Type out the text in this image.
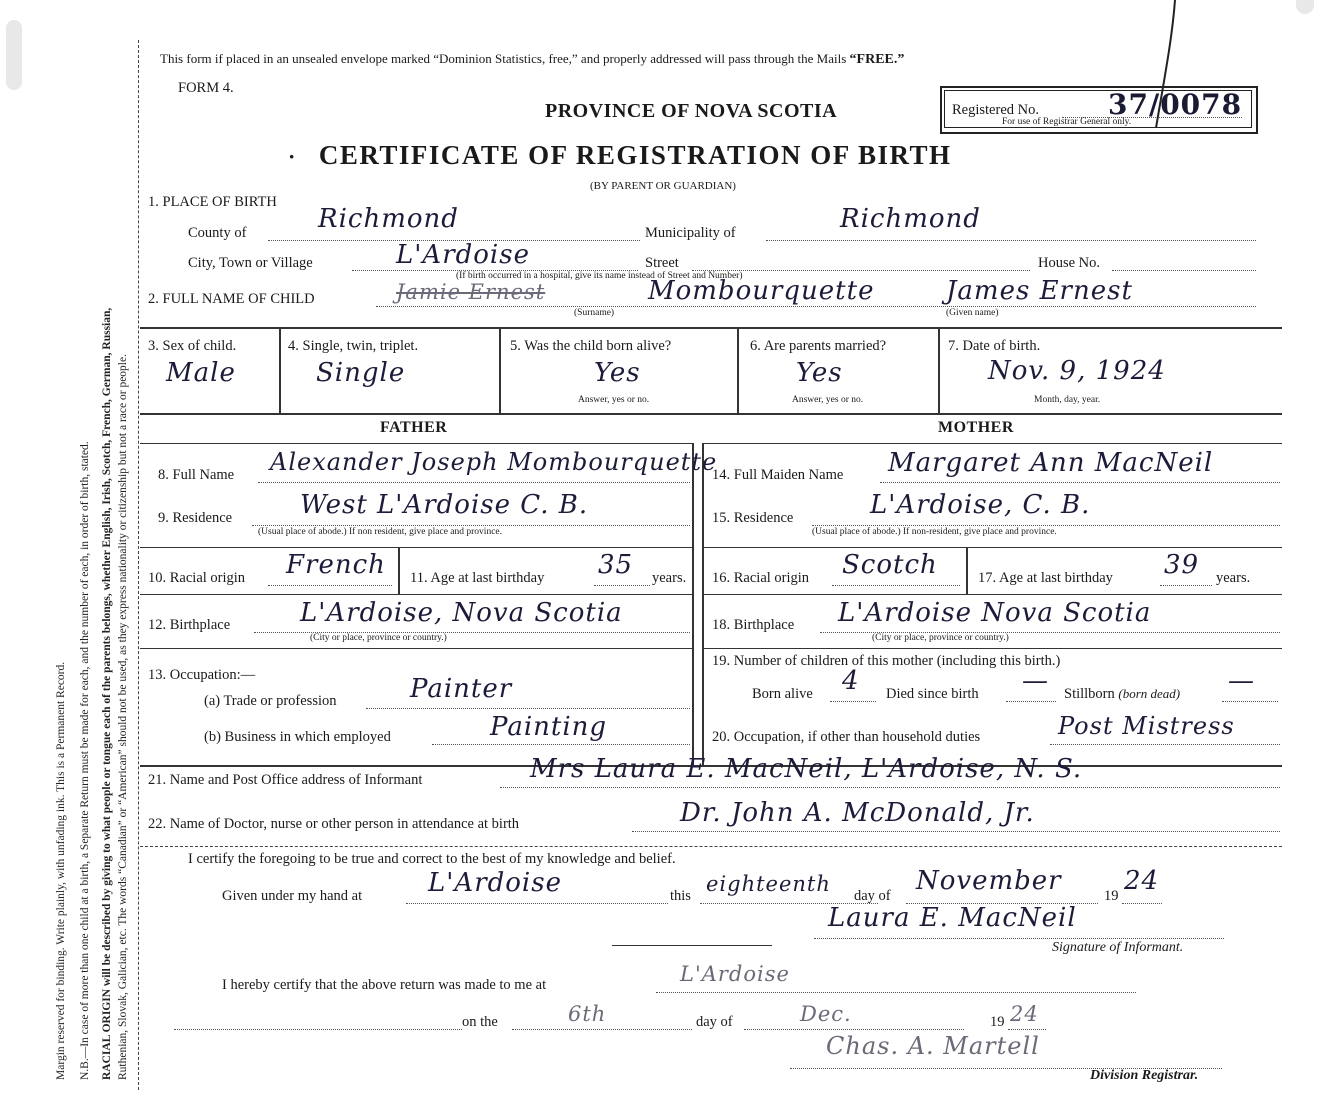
Margin reserved for binding. Write plainly, with unfading ink. This is a Permanent Record. N.B.—In case of more than one child at a birth, a Separate Return must be made for each, and the number of each, in order of birth, stated. RACIAL ORIGIN will be described by giving to what people or tongue each of the parents belongs, whether English, Irish, Scotch, French, German, Russian, Ruthenian, Slovak, Galician, etc. The words “Canadian” or “American” should not be used, as they express nationality or citizenship but not a race or people.
This form if placed in an unsealed envelope marked “Dominion Statistics, free,” and properly addressed will pass through the Mails “FREE.”
FORM 4.
PROVINCE OF NOVA SCOTIA
· CERTIFICATE OF REGISTRATION OF BIRTH
(BY PARENT OR GUARDIAN)
Registered No. 37/0078
For use of Registrar General only.
1. PLACE OF BIRTH
County of	Richmond	Municipality of	Richmond
City, Town or Village	L'Ardoise	Street	House No.
(If birth occurred in a hospital, give its name instead of Street and Number)
2. FULL NAME OF CHILD	Jamie Ernest	Mombourquette	James Ernest
(Surname)	(Given name)
3. Sex of child.
Male
4. Single, twin, triplet.
Single
5. Was the child born alive?
Yes
Answer, yes or no.
6. Are parents married?
Yes
Answer, yes or no.
7. Date of birth.
Nov. 9, 1924
Month, day, year.
FATHER	MOTHER
8. Full Name Alexander Joseph Mombourquette
9. Residence	West L'Ardoise C. B.
(Usual place of abode.) If non resident, give place and province.
10. Racial origin French 11. Age at last birthday 35 years.
12. Birthplace	L'Ardoise, Nova Scotia
(City or place, province or country.)
13. Occupation:—
(a) Trade or profession	Painter
(b) Business in which employed	Painting
14. Full Maiden Name Margaret Ann MacNeil
15. Residence	L'Ardoise, C. B.
(Usual place of abode.) If non-resident, give place and province.
16. Racial origin Scotch	17. Age at last birthday 39 years.
18. Birthplace L'Ardoise Nova Scotia
(City or place, province or country.)
19. Number of children of this mother (including this birth.)
Born alive 4 Died since birth — Stillborn (born dead) —
20. Occupation, if other than household duties	Post Mistress
21. Name and Post Office address of Informant	Mrs Laura E. MacNeil, L'Ardoise, N. S.
22. Name of Doctor, nurse or other person in attendance at birth	Dr. John A. McDonald, Jr.
I certify the foregoing to be true and correct to the best of my knowledge and belief.
Given under my hand at	L'Ardoise	this eighteenth day of November	19 24
Laura E. MacNeil
Signature of Informant.
I hereby certify that the above return was made to me at	L'Ardoise
on the	6th	day of	Dec.	19 24
Chas. A. Martell
Division Registrar.
